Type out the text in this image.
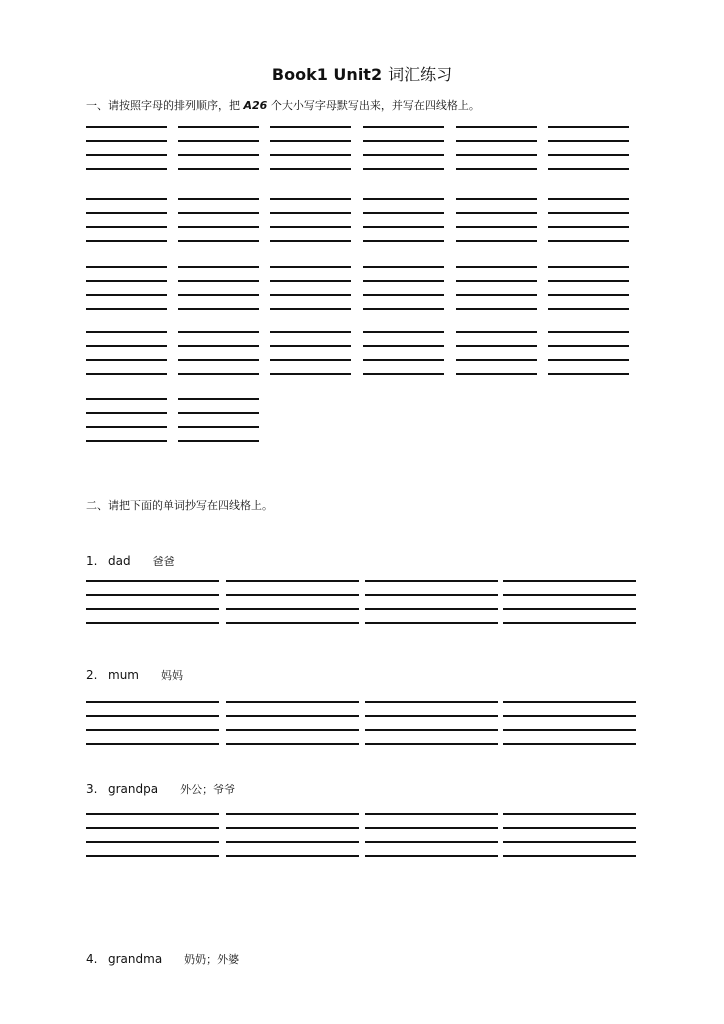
Book1 Unit2 词汇练习
一、请按照字母的排列顺序，把 A26 个大小写字母默写出来，并写在四线格上。
二、请把下面的单词抄写在四线格上。
1. dad 爸爸
2. mum 妈妈
3. grandpa 外公；爷爷
4. grandma 奶奶；外婆
